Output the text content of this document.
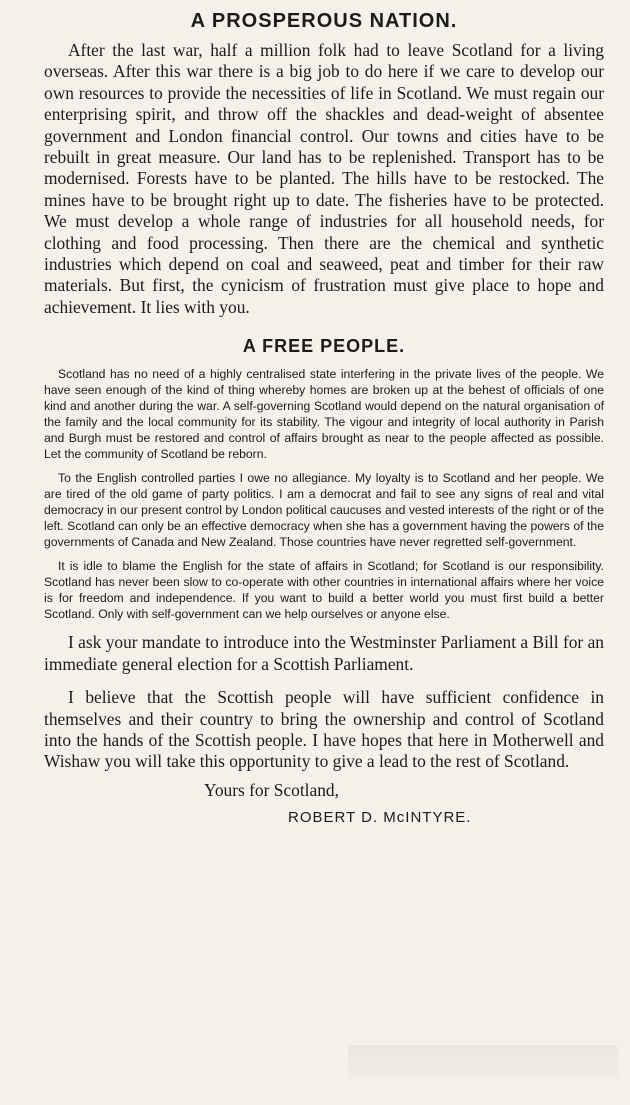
A PROSPEROUS NATION.

After the last war, half a million folk had to leave Scotland for a living overseas. After this war there is a big job to do here if we care to develop our own resources to provide the necessities of life in Scotland. We must regain our enterprising spirit, and throw off the shackles and dead-weight of absentee government and London financial control. Our towns and cities have to be rebuilt in great measure. Our land has to be replenished. Transport has to be modernised. Forests have to be planted. The hills have to be restocked. The mines have to be brought right up to date. The fisheries have to be protected. We must develop a whole range of industries for all household needs, for clothing and food processing. Then there are the chemical and synthetic industries which depend on coal and seaweed, peat and timber for their raw materials. But first, the cynicism of frustration must give place to hope and achievement. It lies with you.

A FREE PEOPLE.

Scotland has no need of a highly centralised state interfering in the private lives of the people. We have seen enough of the kind of thing whereby homes are broken up at the behest of officials of one kind and another during the war. A self-governing Scotland would depend on the natural organisation of the family and the local community for its stability. The vigour and integrity of local authority in Parish and Burgh must be restored and control of affairs brought as near to the people affected as possible. Let the community of Scotland be reborn.

To the English controlled parties I owe no allegiance. My loyalty is to Scotland and her people. We are tired of the old game of party politics. I am a democrat and fail to see any signs of real and vital democracy in our present control by London political caucuses and vested interests of the right or of the left. Scotland can only be an effective democracy when she has a government having the powers of the governments of Canada and New Zealand. Those countries have never regretted self-government.

It is idle to blame the English for the state of affairs in Scotland; for Scotland is our responsibility. Scotland has never been slow to co-operate with other countries in international affairs where her voice is for freedom and independence. If you want to build a better world you must first build a better Scotland. Only with self-government can we help ourselves or anyone else.

I ask your mandate to introduce into the Westminster Parliament a Bill for an immediate general election for a Scottish Parliament.

I believe that the Scottish people will have sufficient confidence in themselves and their country to bring the ownership and control of Scotland into the hands of the Scottish people. I have hopes that here in Motherwell and Wishaw you will take this opportunity to give a lead to the rest of Scotland.

Yours for Scotland,
ROBERT D. McINTYRE.
